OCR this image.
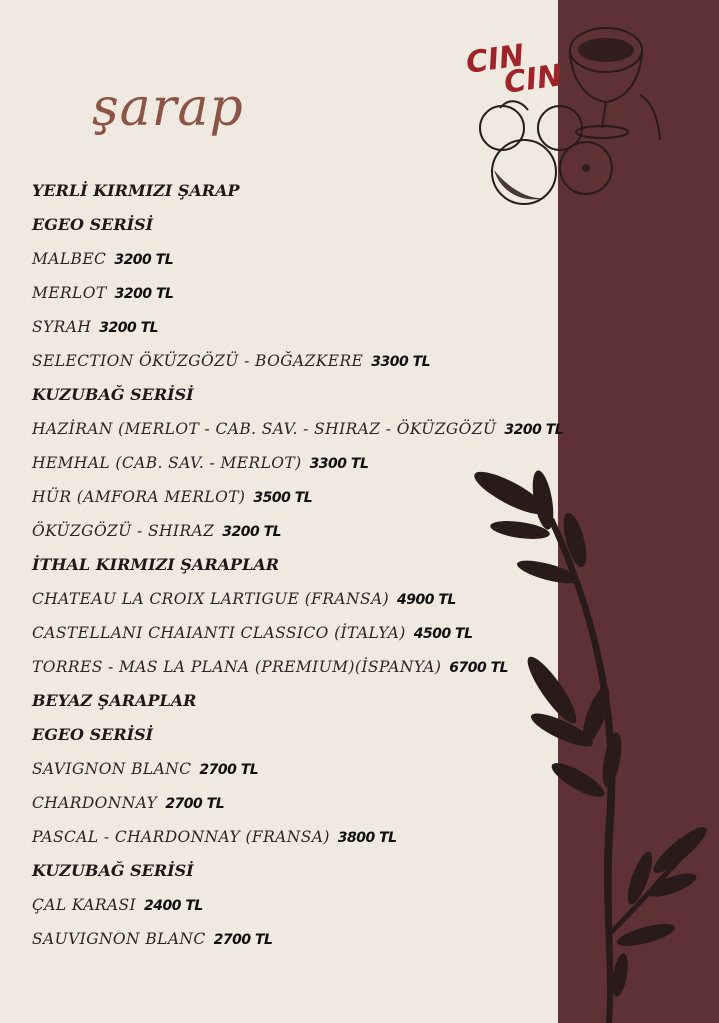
CIN
CIN
şarap
YERLİ KIRMIZI ŞARAP
EGEO SERİSİ
MALBEC 3200 TL
MERLOT 3200 TL
SYRAH 3200 TL
SELECTION ÖKÜZGÖZÜ - BOĞAZKERE 3300 TL
KUZUBAĞ SERİSİ
HAZİRAN (MERLOT - CAB. SAV. - SHIRAZ - ÖKÜZGÖZÜ 3200 TL
HEMHAL (CAB. SAV. - MERLOT) 3300 TL
HÜR (AMFORA MERLOT) 3500 TL
ÖKÜZGÖZÜ - SHIRAZ 3200 TL
İTHAL KIRMIZI ŞARAPLAR
CHATEAU LA CROIX LARTIGUE (FRANSA) 4900 TL
CASTELLANI CHAIANTI CLASSICO (İTALYA) 4500 TL
TORRES - MAS LA PLANA (PREMIUM)(İSPANYA) 6700 TL
BEYAZ ŞARAPLAR
EGEO SERİSİ
SAVIGNON BLANC 2700 TL
CHARDONNAY 2700 TL
PASCAL - CHARDONNAY (FRANSA) 3800 TL
KUZUBAĞ SERİSİ
ÇAL KARASI 2400 TL
SAUVIGNON BLANC 2700 TL
